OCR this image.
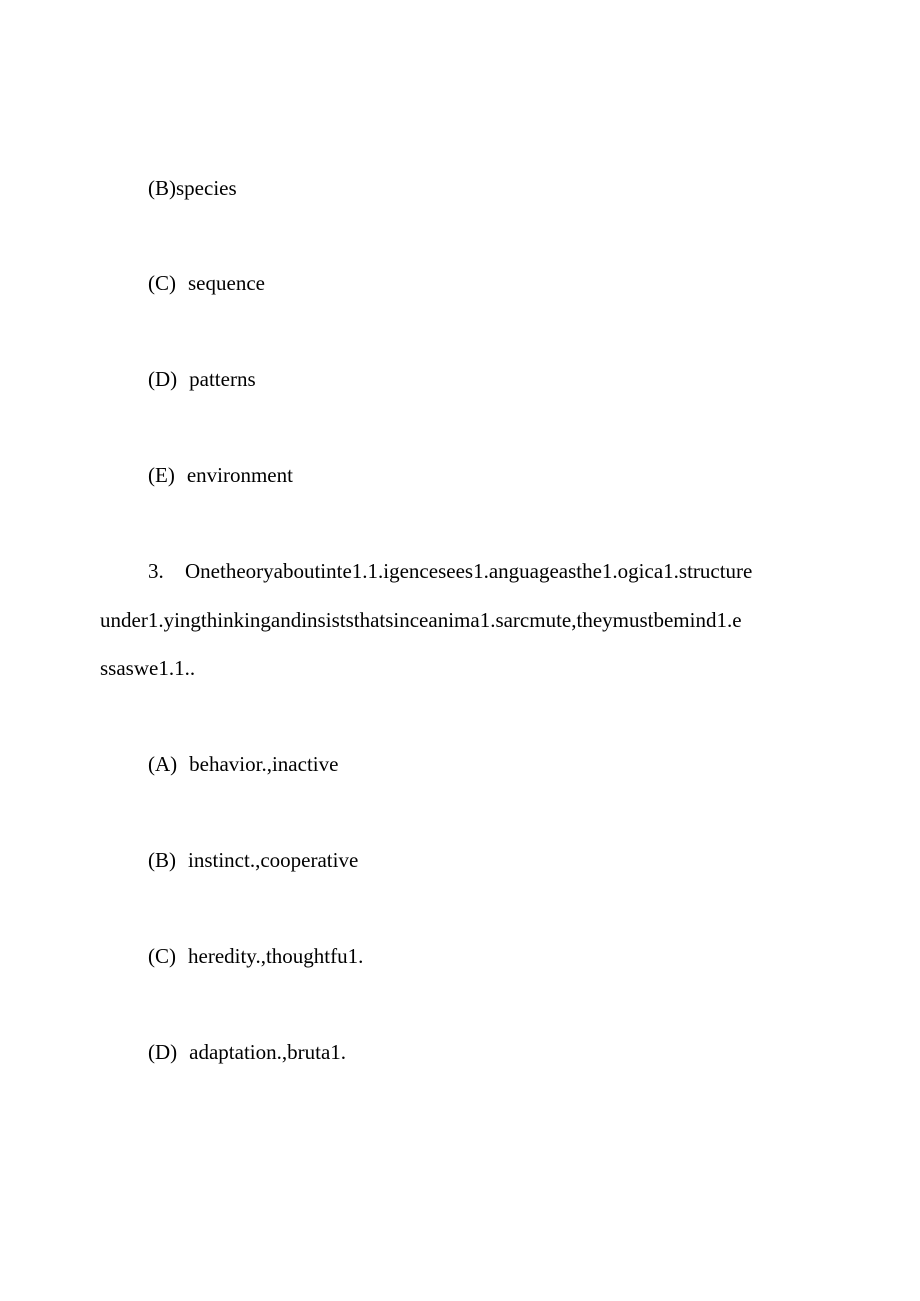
(B)species
(C) sequence
(D) patterns
(E) environment
3. Onetheoryaboutinte1.1.igencesees1.anguageasthe1.ogica1.structure
under1.yingthinkingandinsiststhatsinceanima1.sarcmute,theymustbemind1.e
ssaswe1.1..
(A) behavior.,inactive
(B) instinct.,cooperative
(C) heredity.,thoughtfu1.
(D) adaptation.,bruta1.
